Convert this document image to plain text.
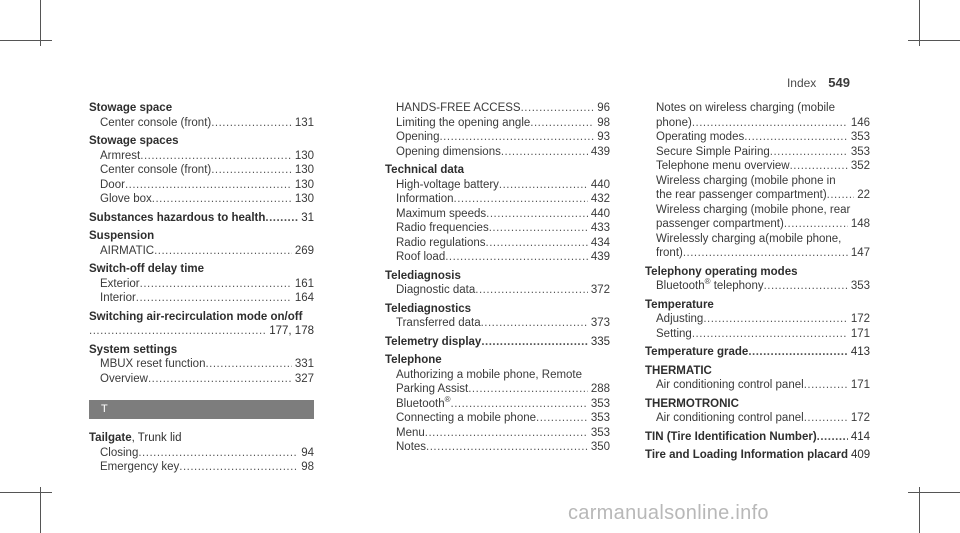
Index 549
Stowage space
Center console (front) .....	131
Stowage spaces
Armrest .....	130
Center console (front) .....	130
Door .....	130
Glove box .....	130
Substances hazardous to health .....	31
Suspension
AIRMATIC .....	269
Switch-off delay time
Exterior .....	161
Interior .....	164
Switching air-recirculation mode on/off
.....
177, 178
System settings
MBUX reset function .....	331
Overview .....	327
T
Tailgate , Trunk lid
Closing .....	94
Emergency key .....	98
HANDS-FREE ACCESS .....	96
Limiting the opening angle .....	98
Opening .....	93
Opening dimensions .....	439
Technical data
High-voltage battery .....	440
Information .....	432
Maximum speeds .....	440
Radio frequencies .....	433
Radio regulations .....	434
Roof load .....	439
Telediagnosis
Diagnostic data .....	372
Telediagnostics
Transferred data .....	373
Telemetry display .....	335
Telephone
Authorizing a mobile phone, Remote
Parking Assist .....	288
Bluetooth® .....	353
Connecting a mobile phone .....	353
Menu .....	353
Notes .....	350
Notes on wireless charging (mobile
phone) .....	146
Operating modes .....	353
Secure Simple Pairing .....	353
Telephone menu overview .....	352
Wireless charging (mobile phone in
the rear passenger compartment) .....	22
Wireless charging (mobile phone, rear
passenger compartment) .....	148
Wirelessly charging a(mobile phone,
front) .....	147
Telephony operating modes
Bluetooth® telephony .....	353
Temperature
Adjusting .....	172
Setting .....	171
Temperature grade .....	413
THERMATIC
Air conditioning control panel .....	171
THERMOTRONIC
Air conditioning control panel .....	172
TIN (Tire Identification Number) .....	414
Tire and Loading Information placard 409
carmanualsonline.info
